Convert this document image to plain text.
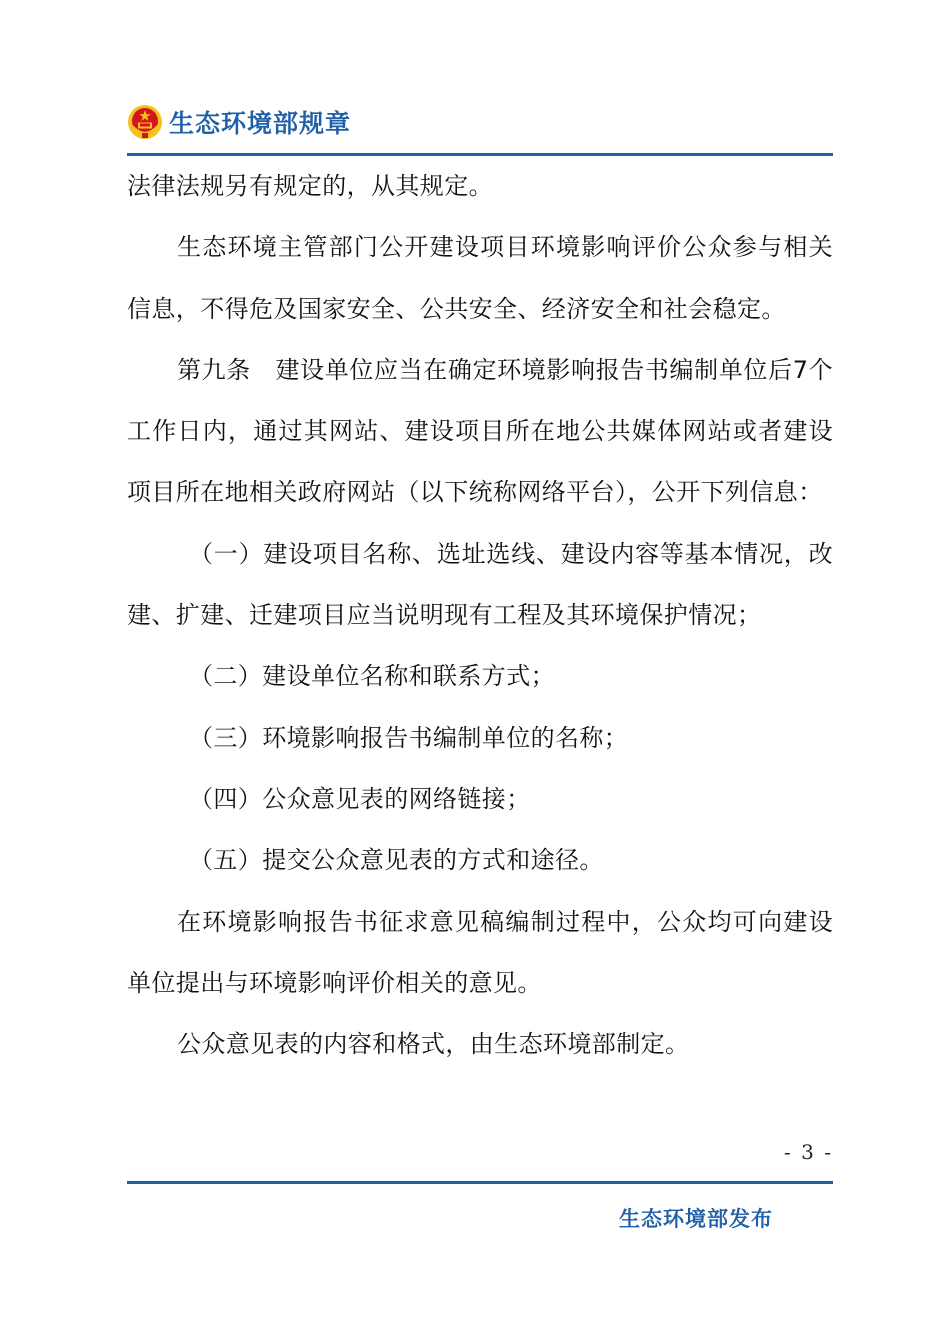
生态环境部规章

法律法规另有规定的，从其规定。

生态环境主管部门公开建设项目环境影响评价公众参与相关信息，不得危及国家安全、公共安全、经济安全和社会稳定。

第九条　建设单位应当在确定环境影响报告书编制单位后7个工作日内，通过其网站、建设项目所在地公共媒体网站或者建设项目所在地相关政府网站（以下统称网络平台），公开下列信息：

（一）建设项目名称、选址选线、建设内容等基本情况，改建、扩建、迁建项目应当说明现有工程及其环境保护情况；

（二）建设单位名称和联系方式；

（三）环境影响报告书编制单位的名称；

（四）公众意见表的网络链接；

（五）提交公众意见表的方式和途径。

在环境影响报告书征求意见稿编制过程中，公众均可向建设单位提出与环境影响评价相关的意见。

公众意见表的内容和格式，由生态环境部制定。

- 3 -
生态环境部发布
